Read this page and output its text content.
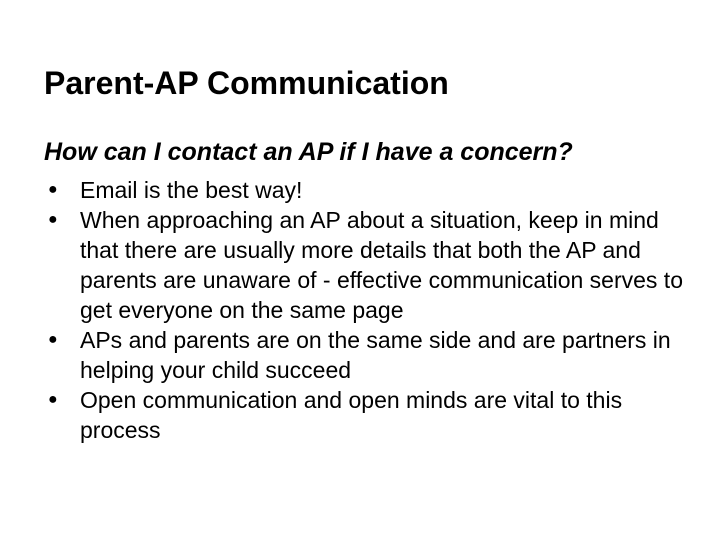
Parent-AP Communication
How can I contact an AP if I have a concern?
● Email is the best way!
● When approaching an AP about a situation, keep in mind that there are usually more details that both the AP and parents are unaware of - effective communication serves to get everyone on the same page
● APs and parents are on the same side and are partners in helping your child succeed
● Open communication and open minds are vital to this process
